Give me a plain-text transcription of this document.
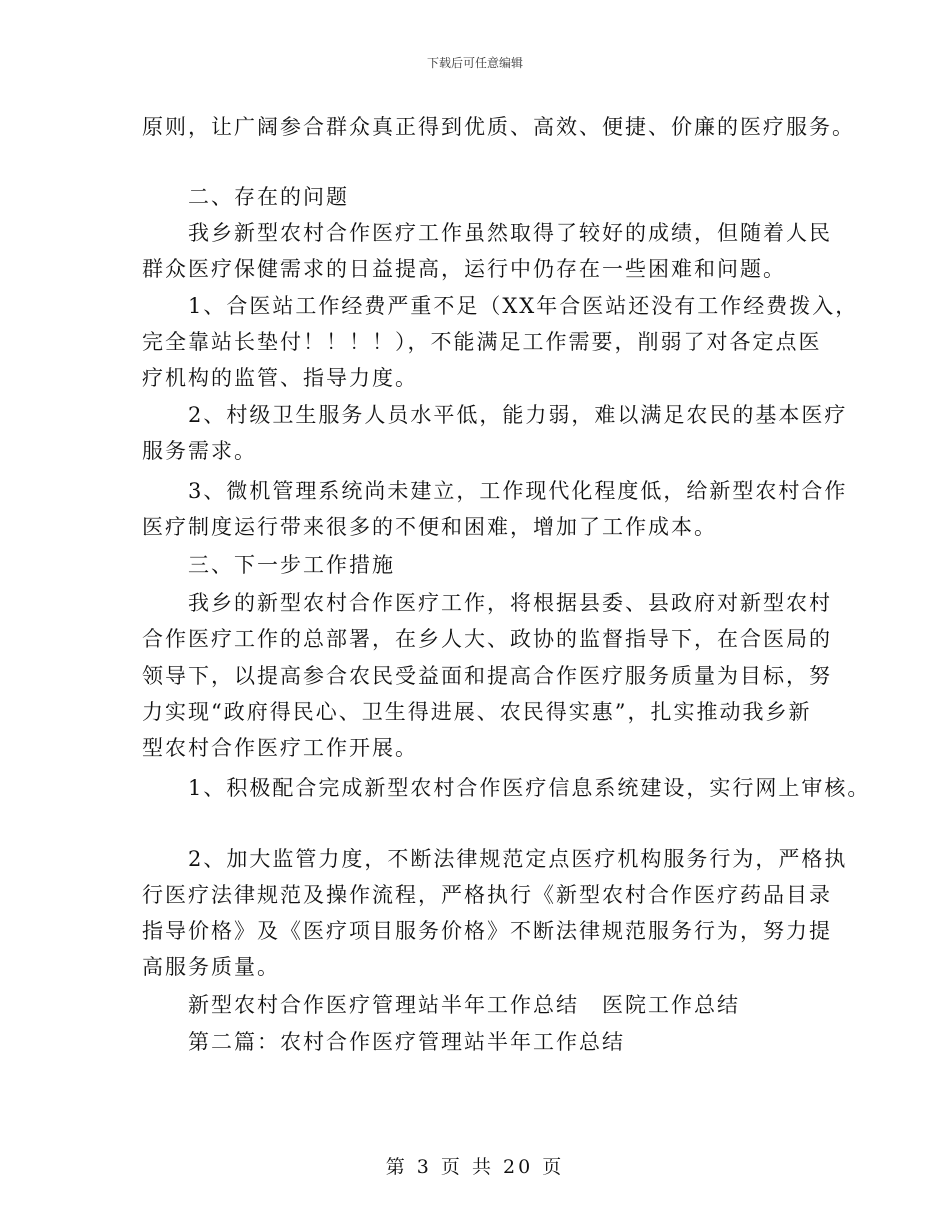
下载后可任意编辑
原则，让广阔参合群众真正得到优质、高效、便捷、价廉的医疗服务。
二、存在的问题
我乡新型农村合作医疗工作虽然取得了较好的成绩，但随着人民
群众医疗保健需求的日益提高，运行中仍存在一些困难和问题。
1、合医站工作经费严重不足（XX年合医站还没有工作经费拨入，
完全靠站长垫付！！！！），不能满足工作需要，削弱了对各定点医
疗机构的监管、指导力度。
2、村级卫生服务人员水平低，能力弱，难以满足农民的基本医疗
服务需求。
3、微机管理系统尚未建立，工作现代化程度低，给新型农村合作
医疗制度运行带来很多的不便和困难，增加了工作成本。
三、下一步工作措施
我乡的新型农村合作医疗工作，将根据县委、县政府对新型农村
合作医疗工作的总部署，在乡人大、政协的监督指导下，在合医局的
领导下，以提高参合农民受益面和提高合作医疗服务质量为目标，努
力实现“政府得民心、卫生得进展、农民得实惠”，扎实推动我乡新
型农村合作医疗工作开展。
1、积极配合完成新型农村合作医疗信息系统建设，实行网上审核。
2、加大监管力度，不断法律规范定点医疗机构服务行为，严格执
行医疗法律规范及操作流程，严格执行《新型农村合作医疗药品目录
指导价格》及《医疗项目服务价格》不断法律规范服务行为，努力提
高服务质量。
新型农村合作医疗管理站半年工作总结　医院工作总结
第二篇：农村合作医疗管理站半年工作总结
第 3 页 共 20 页
